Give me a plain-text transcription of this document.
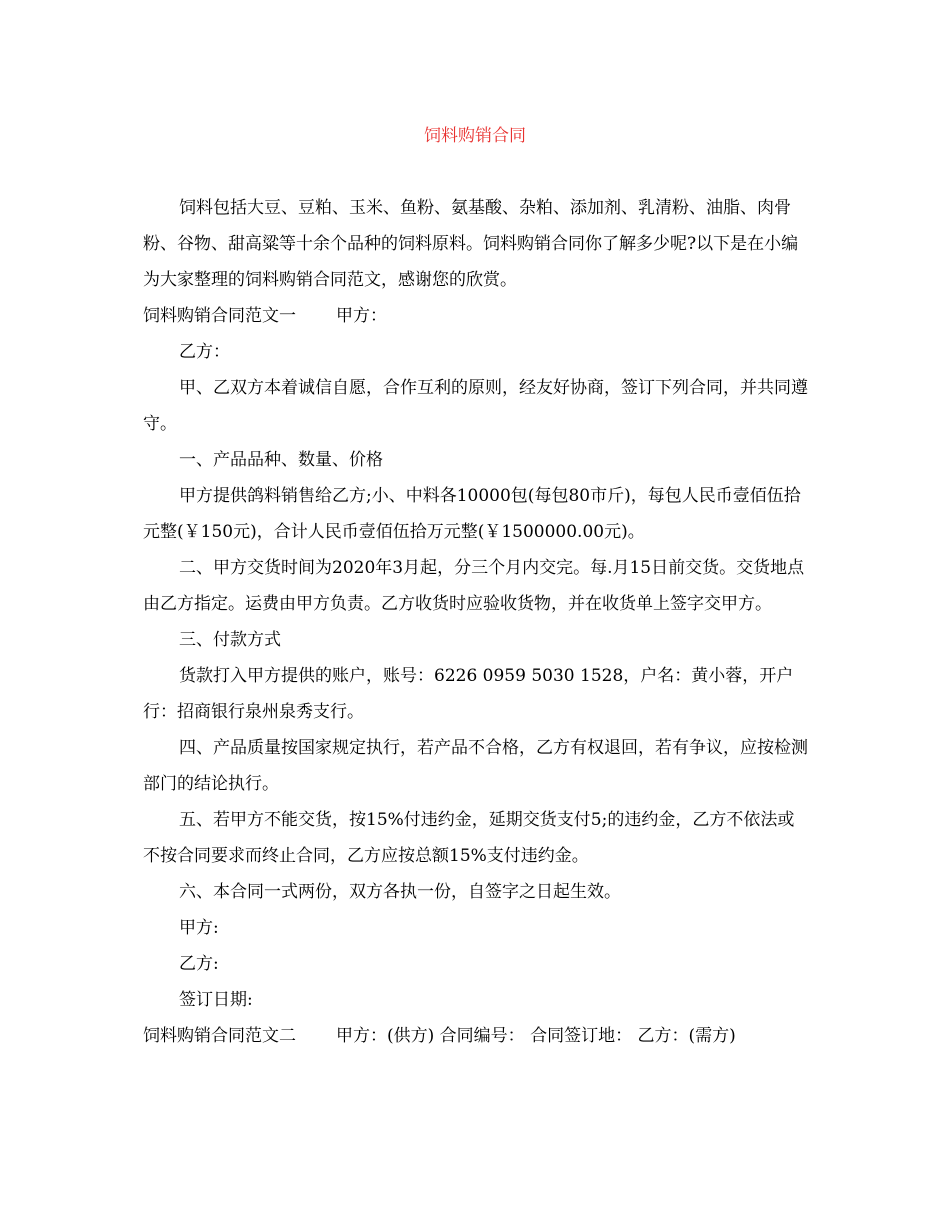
饲料购销合同

饲料包括大豆、豆粕、玉米、鱼粉、氨基酸、杂粕、添加剂、乳清粉、油脂、肉骨粉、谷物、甜高粱等十余个品种的饲料原料。饲料购销合同你了解多少呢?以下是在小编为大家整理的饲料购销合同范文，感谢您的欣赏。

饲料购销合同范文一 甲方：

乙方：

甲、乙双方本着诚信自愿，合作互利的原则，经友好协商，签订下列合同，并共同遵守。

一、产品品种、数量、价格

甲方提供鸽料销售给乙方;小、中料各10000包(每包80市斤)，每包人民币壹佰伍拾元整(￥150元)，合计人民币壹佰伍拾万元整(￥1500000.00元)。

二、甲方交货时间为2020年3月起，分三个月内交完。每.月15日前交货。交货地点由乙方指定。运费由甲方负责。乙方收货时应验收货物，并在收货单上签字交甲方。

三、付款方式

货款打入甲方提供的账户，账号：6226 0959 5030 1528，户名：黄小蓉，开户行：招商银行泉州泉秀支行。

四、产品质量按国家规定执行，若产品不合格，乙方有权退回，若有争议，应按检测部门的结论执行。

五、若甲方不能交货，按15%付违约金，延期交货支付5;的违约金，乙方不依法或不按合同要求而终止合同，乙方应按总额15%支付违约金。

六、本合同一式两份，双方各执一份，自签字之日起生效。

甲方:

乙方:

签订日期:

饲料购销合同范文二 甲方：(供方) 合同编号： 合同签订地： 乙方：(需方)
